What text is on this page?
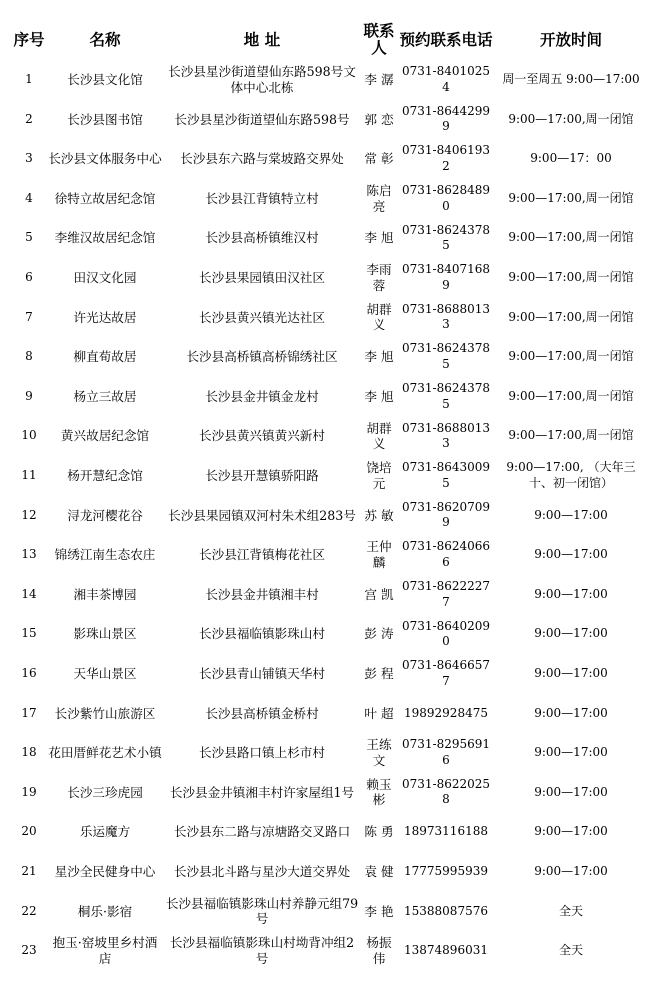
序号	名称	地 址	联系人	预约联系电话	开放时间
1	长沙县文化馆	长沙县星沙街道望仙东路598号文体中心北栋	李 潺	0731-84010254	周一至周五 9:00—17:00
2	长沙县图书馆	长沙县星沙街道望仙东路598号	郭 恋	0731-86442999	9:00—17:00,周一闭馆
3	长沙县文体服务中心	长沙县东六路与棠坡路交界处	常 彰	0731-84061932	9:00—17：00
4	徐特立故居纪念馆	长沙县江背镇特立村	陈启亮	0731-86284890	9:00—17:00,周一闭馆
5	李维汉故居纪念馆	长沙县高桥镇维汉村	李 旭	0731-86243785	9:00—17:00,周一闭馆
6	田汉文化园	长沙县果园镇田汉社区	李雨蓉	0731-84071689	9:00—17:00,周一闭馆
7	许光达故居	长沙县黄兴镇光达社区	胡群义	0731-86880133	9:00—17:00,周一闭馆
8	柳直荀故居	长沙县高桥镇高桥锦绣社区	李 旭	0731-86243785	9:00—17:00,周一闭馆
9	杨立三故居	长沙县金井镇金龙村	李 旭	0731-86243785	9:00—17:00,周一闭馆
10	黄兴故居纪念馆	长沙县黄兴镇黄兴新村	胡群义	0731-86880133	9:00—17:00,周一闭馆
11	杨开慧纪念馆	长沙县开慧镇骄阳路	饶培元	0731-86430095	9:00—17:00, （大年三十、初一闭馆）
12	浔龙河樱花谷	长沙县果园镇双河村朱术组283号	苏 敏	0731-86207099	9:00—17:00
13	锦绣江南生态农庄	长沙县江背镇梅花社区	王仲麟	0731-86240666	9:00—17:00
14	湘丰茶博园	长沙县金井镇湘丰村	宫 凯	0731-86222277	9:00—17:00
15	影珠山景区	长沙县福临镇影珠山村	彭 涛	0731-86402090	9:00—17:00
16	天华山景区	长沙县青山铺镇天华村	彭 程	0731-86466577	9:00—17:00
17	长沙紫竹山旅游区	长沙县高桥镇金桥村	叶 超	19892928475	9:00—17:00
18	花田厝鲜花艺术小镇	长沙县路口镇上杉市村	王练文	0731-82956916	9:00—17:00
19	长沙三珍虎园	长沙县金井镇湘丰村许家屋组1号	赖玉彬	0731-86220258	9:00—17:00
20	乐运魔方	长沙县东二路与凉塘路交叉路口	陈 勇	18973116188	9:00—17:00
21	星沙全民健身中心	长沙县北斗路与星沙大道交界处	袁 健	17775995939	9:00—17:00
22	桐乐·影宿	长沙县福临镇影珠山村养静元组79号	李 艳	15388087576	全天
23	抱玉·窑坡里乡村酒店	长沙县福临镇影珠山村坳背冲组2号	杨振伟	13874896031	全天
